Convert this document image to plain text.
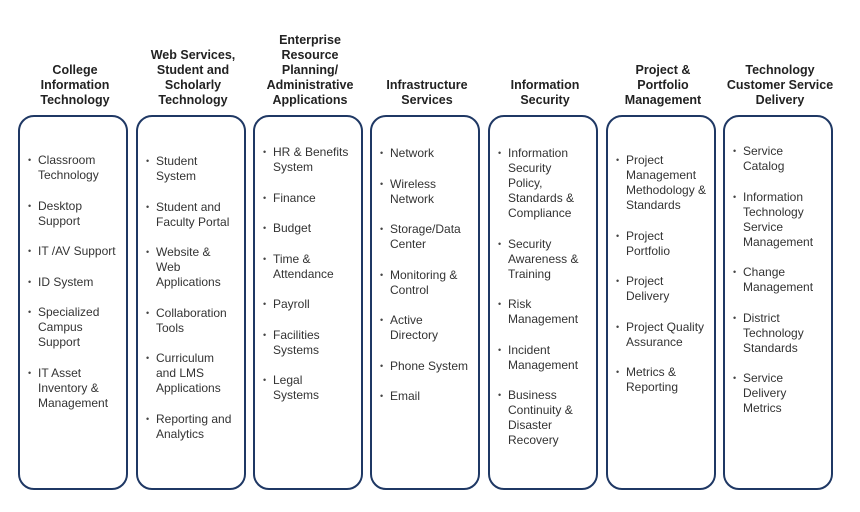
College
Information
Technology
• Classroom
Technology
• Desktop
Support
• IT /AV Support
• ID System
• Specialized
Campus
Support
• IT Asset
Inventory &
Management
Web Services,
Student and
Scholarly
Technology
• Student
System
• Student and
Faculty Portal
• Website &
Web
Applications
• Collaboration
Tools
• Curriculum
and LMS
Applications
• Reporting and
Analytics
Enterprise
Resource
Planning/
Administrative
Applications
• HR & Benefits
System
• Finance
• Budget
• Time &
Attendance
• Payroll
• Facilities
Systems
• Legal
Systems
Infrastructure
Services
• Network
• Wireless
Network
• Storage/Data
Center
• Monitoring &
Control
• Active
Directory
• Phone System
• Email
Information
Security
• Information
Security
Policy,
Standards &
Compliance
• Security
Awareness &
Training
• Risk
Management
• Incident
Management
• Business
Continuity &
Disaster
Recovery
Project &
Portfolio
Management
• Project
Management
Methodology &
Standards
• Project
Portfolio
• Project
Delivery
• Project Quality
Assurance
• Metrics &
Reporting
Technology
Customer Service
Delivery
• Service
Catalog
• Information
Technology
Service
Management
• Change
Management
• District
Technology
Standards
• Service
Delivery
Metrics
